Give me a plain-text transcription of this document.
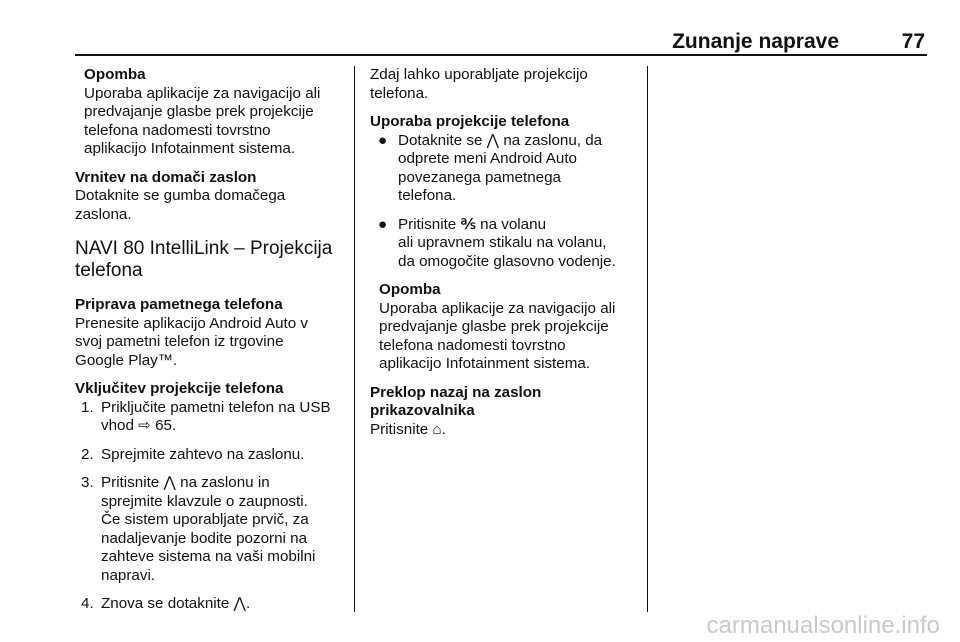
Zunanje naprave	77
Opomba
Uporaba aplikacije za navigacijo ali
predvajanje glasbe prek projekcije
telefona nadomesti tovrstno
aplikacijo Infotainment sistema.
Vrnitev na domači zaslon
Dotaknite se gumba domačega
zaslona.
NAVI 80 IntelliLink – Projekcija
telefona
Priprava pametnega telefona
Prenesite aplikacijo Android Auto v
svoj pametni telefon iz trgovine
Google Play™.
Vključitev projekcije telefona
1. Priključite pametni telefon na USB
vhod ⇨ 65.
2. Sprejmite zahtevo na zaslonu.
3. Pritisnite ⋀ na zaslonu in
sprejmite klavzule o zaupnosti.
Če sistem uporabljate prvič, za
nadaljevanje bodite pozorni na
zahteve sistema na vaši mobilni
napravi.
4. Znova se dotaknite ⋀.
Zdaj lahko uporabljate projekcijo
telefona.
Uporaba projekcije telefona
● Dotaknite se ⋀ na zaslonu, da
odprete meni Android Auto
povezanega pametnega
telefona.
● Pritisnite ℁ na volanu
ali upravnem stikalu na volanu,
da omogočite glasovno vodenje.
Opomba
Uporaba aplikacije za navigacijo ali
predvajanje glasbe prek projekcije
telefona nadomesti tovrstno
aplikacijo Infotainment sistema.
Preklop nazaj na zaslon
prikazovalnika
Pritisnite ⌂.
carmanualsonline.info
